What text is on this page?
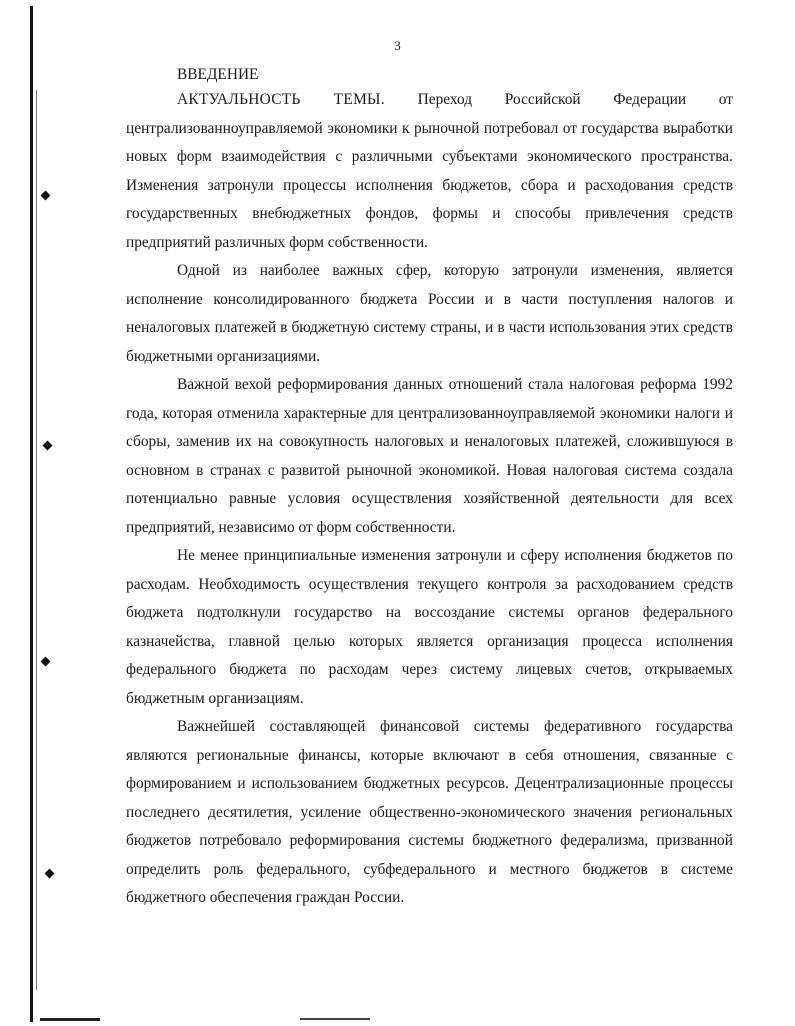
3
ВВЕДЕНИЕ

АКТУАЛЬНОСТЬ ТЕМЫ. Переход Российской Федерации от централизованноуправляемой экономики к рыночной потребовал от государства выработки новых форм взаимодействия с различными субъектами экономического пространства. Изменения затронули процессы исполнения бюджетов, сбора и расходования средств государственных внебюджетных фондов, формы и способы привлечения средств предприятий различных форм собственности.

Одной из наиболее важных сфер, которую затронули изменения, является исполнение консолидированного бюджета России и в части поступления налогов и неналоговых платежей в бюджетную систему страны, и в части использования этих средств бюджетными организациями.

Важной вехой реформирования данных отношений стала налоговая реформа 1992 года, которая отменила характерные для централизованноуправляемой экономики налоги и сборы, заменив их на совокупность налоговых и неналоговых платежей, сложившуюся в основном в странах с развитой рыночной экономикой. Новая налоговая система создала потенциально равные условия осуществления хозяйственной деятельности для всех предприятий, независимо от форм собственности.

Не менее принципиальные изменения затронули и сферу исполнения бюджетов по расходам. Необходимость осуществления текущего контроля за расходованием средств бюджета подтолкнули государство на воссоздание системы органов федерального казначейства, главной целью которых является организация процесса исполнения федерального бюджета по расходам через систему лицевых счетов, открываемых бюджетным организациям.

Важнейшей составляющей финансовой системы федеративного государства являются региональные финансы, которые включают в себя отношения, связанные с формированием и использованием бюджетных ресурсов. Децентрализационные процессы последнего десятилетия, усиление общественно-экономического значения региональных бюджетов потребовало реформирования системы бюджетного федерализма, призванной определить роль федерального, субфедерального и местного бюджетов в системе бюджетного обеспечения граждан России.
